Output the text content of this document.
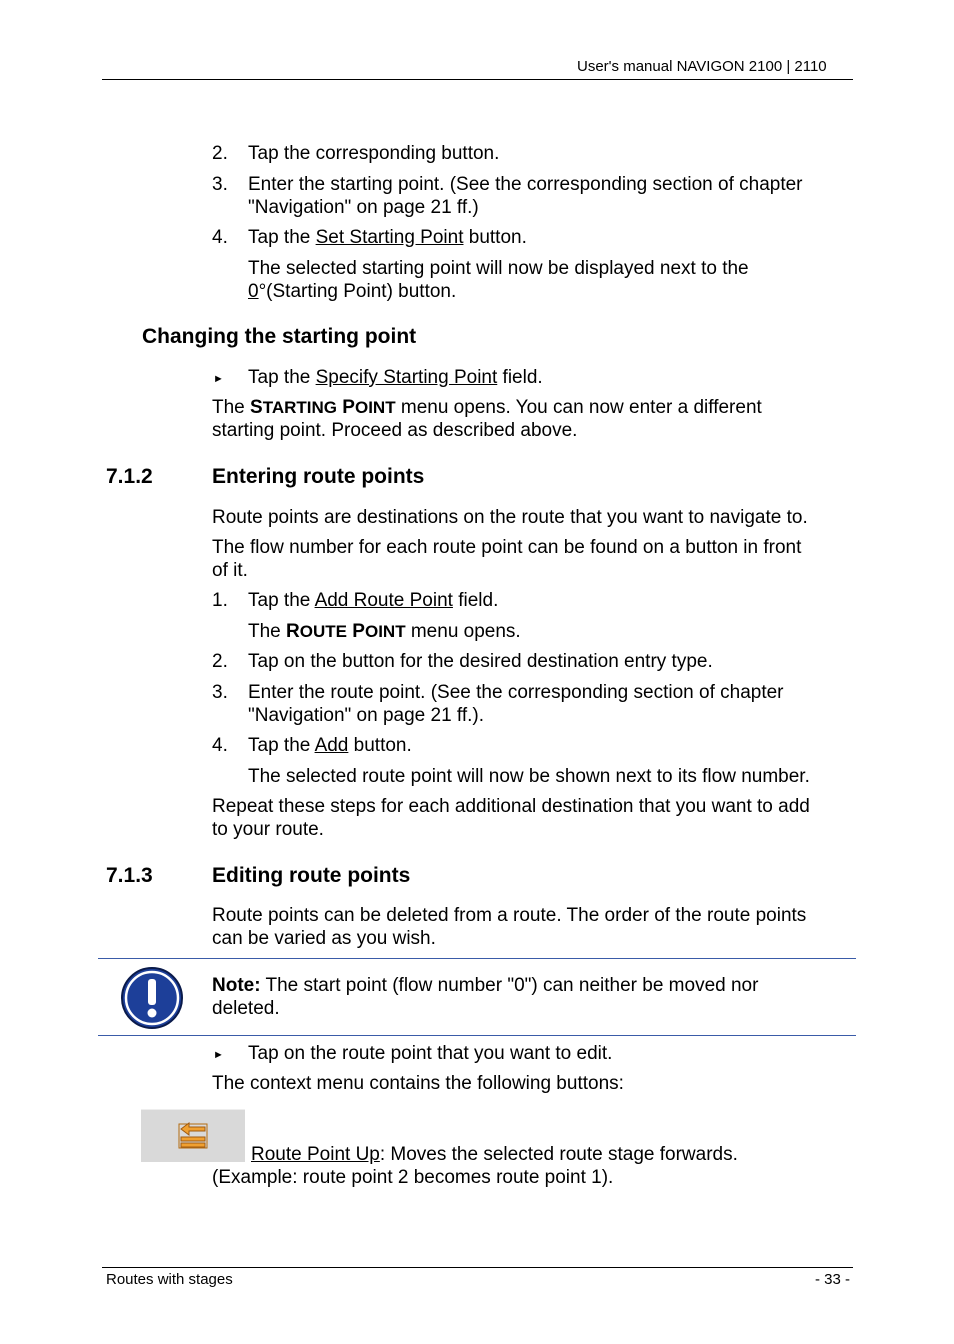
User's manual NAVIGON 2100 | 2110
2. Tap the corresponding button.
3. Enter the starting point. (See the corresponding section of chapter
"Navigation" on page 21 ff.)
4. Tap the Set Starting Point button.
The selected starting point will now be displayed next to the
0°(Starting Point) button.
Changing the starting point
► Tap the Specify Starting Point field.
The STARTING POINT menu opens. You can now enter a different
starting point. Proceed as described above.
7.1.2	Entering route points
Route points are destinations on the route that you want to navigate to.
The flow number for each route point can be found on a button in front
of it.
1. Tap the Add Route Point field.
The ROUTE POINT menu opens.
2. Tap on the button for the desired destination entry type.
3. Enter the route point. (See the corresponding section of chapter
"Navigation" on page 21 ff.).
4. Tap the Add button.
The selected route point will now be shown next to its flow number.
Repeat these steps for each additional destination that you want to add
to your route.
7.1.3	Editing route points
Route points can be deleted from a route. The order of the route points
can be varied as you wish.
Note: The start point (flow number "0") can neither be moved nor
deleted.
► Tap on the route point that you want to edit.
The context menu contains the following buttons:
Route Point Up: Moves the selected route stage forwards.
(Example: route point 2 becomes route point 1).
Routes with stages	- 33 -
